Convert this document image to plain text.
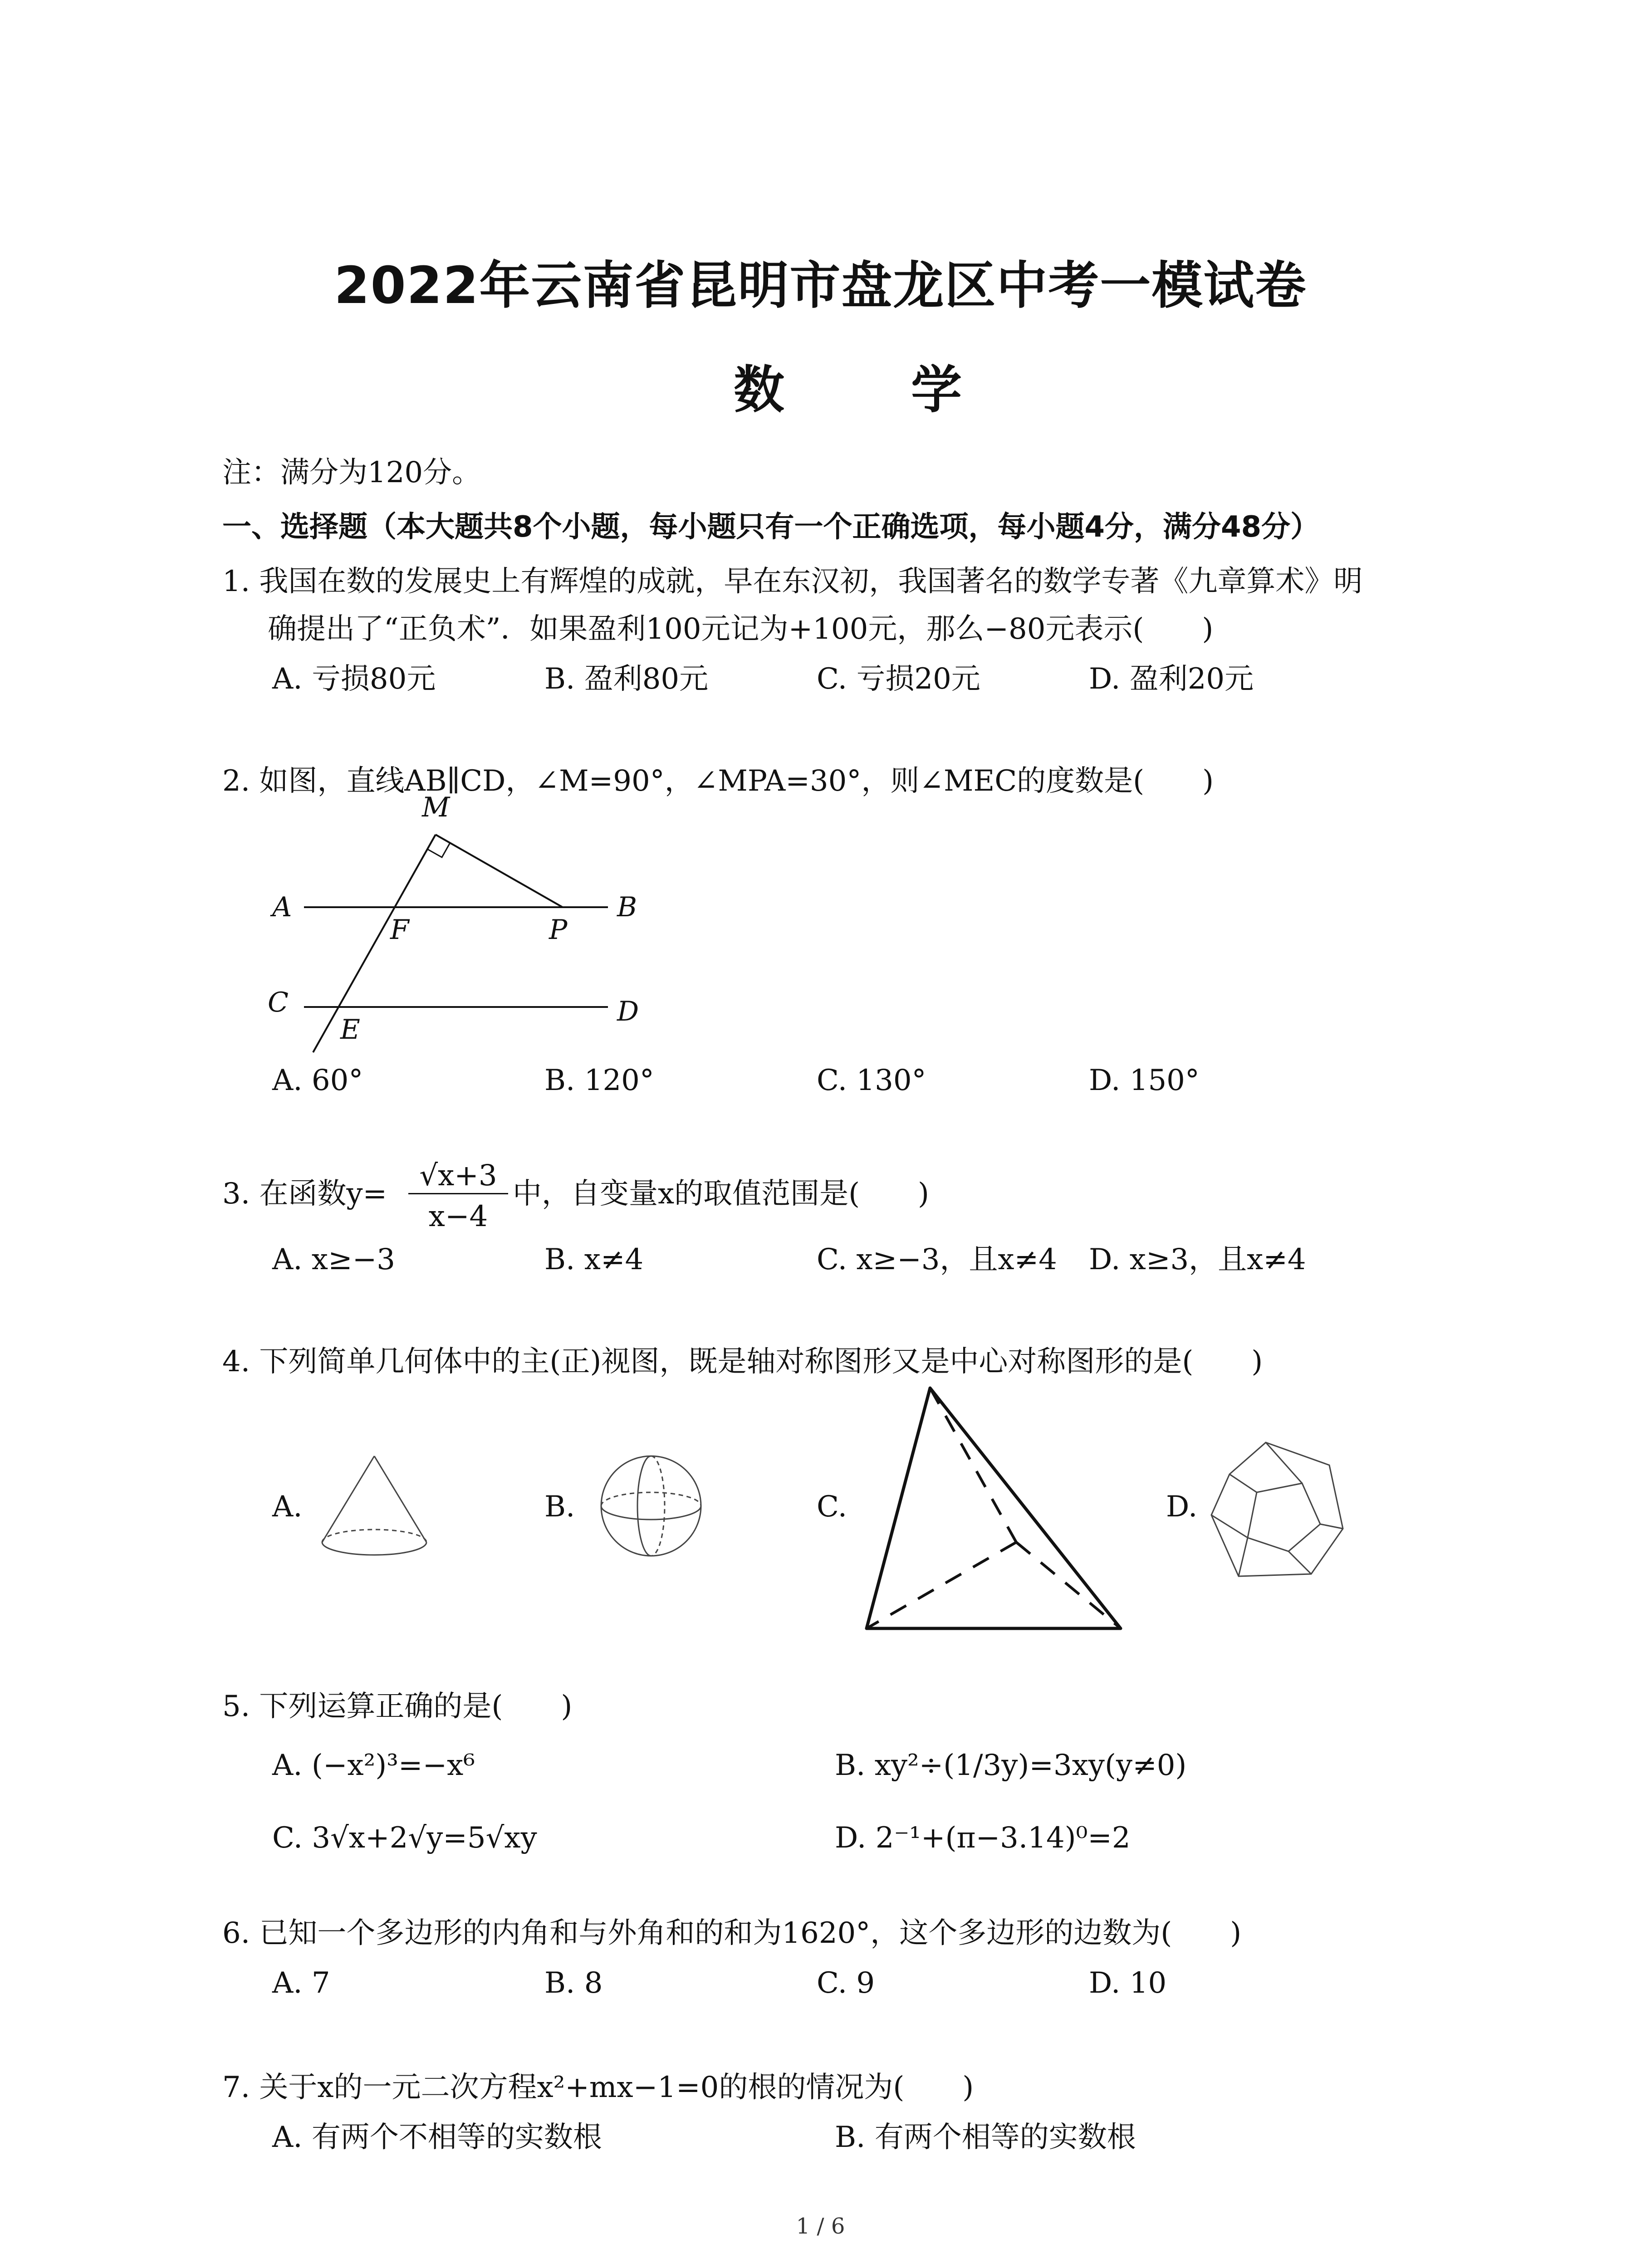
2022年云南省昆明市盘龙区中考一模试卷
数 学
注：满分为120分。
一、选择题（本大题共8个小题，每小题只有一个正确选项，每小题4分，满分48分）
1. 我国在数的发展史上有辉煌的成就，早在东汉初，我国著名的数学专著《九章算术》明
确提出了“正负术”．如果盈利100元记为+100元，那么−80元表示(　　)
A. 亏损80元	B. 盈利80元	C. 亏损20元	D. 盈利20元
2. 如图，直线AB∥CD，∠M=90°，∠MPA=30°，则∠MEC的度数是(　　)
M
A
F	P
B
C
E
D
A. 60°	B. 120°	C. 130°	D. 150°
3. 在函数y=
√x+3
x−4
中，自变量x的取值范围是(　　)
A. x≥−3	B. x≠4	C. x≥−3，且x≠4 D. x≥3，且x≠4
4. 下列简单几何体中的主(正)视图，既是轴对称图形又是中心对称图形的是(　　)
A.	B.	C.	D.
5. 下列运算正确的是(　　)
A. (−x²)³=−x⁶	B. xy²÷(1/3y)=3xy(y≠0)
C. 3√x+2√y=5√xy	D. 2⁻¹+(π−3.14)⁰=2
6. 已知一个多边形的内角和与外角和的和为1620°，这个多边形的边数为(　　)
A. 7	B. 8	C. 9	D. 10
7. 关于x的一元二次方程x²+mx−1=0的根的情况为(　　)
A. 有两个不相等的实数根	B. 有两个相等的实数根
1 / 6
